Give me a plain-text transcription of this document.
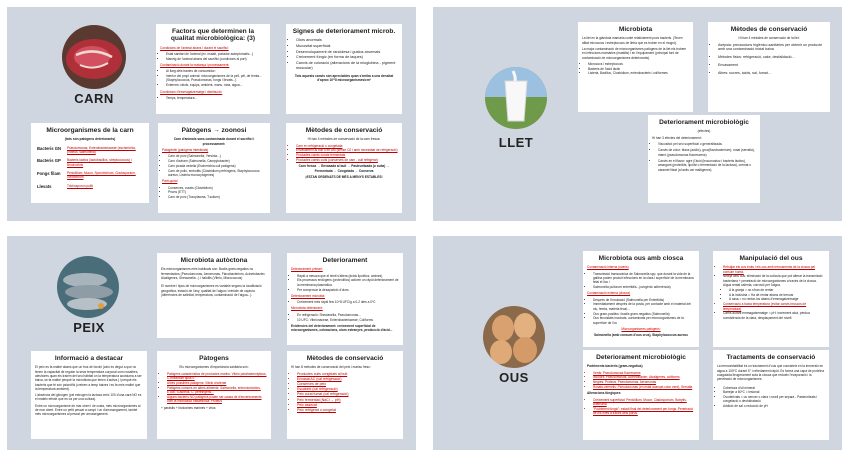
CARN
Factors que determinen la qualitat microbiològica: (3)

Condicions de l'animal abans i durant el sacrifici:

• Estat sanitari de l'animal (ex. malalt, portador asimptomàtic...)
• Maneig de l'animal abans del sacrifici (condicions al port)

Contaminació durant la matança i processament:

• Al llarg dels tractes de consumidor:
• Interior del propi animal: microorganismes de la pell, pèl, de femta... (Staphylococcus, Pseudomonas, fongs i llevats...)
• Externes: ràtols, equips, ambient, mans, roba, aigua...

Condicions d'emmagatzematge i distribució:

• Temps, temperatura...
Signes de deteriorament microb.
• Olors anormals
• Mucositat superficial
• Desenvolupament de rancidesa i gustos anormals
• Creixement fúngic (en forma de taques)
• Canvis de coloració (alteracions de la mioglobina - pigment muscular)

Tots aquests canvis són apreciables quan s'arriba a una densitat d'aprox 10^8 microorganismes/cm²

Microorganismes de la carn
(tots són patògens deteriorants)
Bacteris GN	Pseudomonas, Enterobacteriaceae (escherichia, proteus, salmonella)
Bacteris GP	Bacteris làctics (lactobacillus, streptococcus) i Brochothrix
Fongs filam	Penicillium, Mucor, Sporotrichum, Cladosporium, Geotrichum
Llevats	Trichosporon pullit
Pàtogens → zoonosi

Carn d'animals sans contaminada durant el sacrifici i processament:

Patogèntic (patògens intestinals)

• Carn de porc (Salmonella, Yersinia...)
• Carn d'aviram (Salmonella, Campylobacter)
• Carn picada vedella (Escherichia coli patògena)
• Carn de pollo, embotits (Clostridium perfringens, Staphylococcus aureus, Listeria monocytogenes)

Parti-quiral

• Conserves, curats (Clostridium)
• Prions (ETT)
• Carn de porc (Toxoplasma, T.solium)
Mètodes de conservació

Hi han 4 mètodes de conservació de la carn fresca:

• Carn en refrigeració o congelada
• Envasament al buit o en AM (sense O2 i amb necessitat de refrigeració)
• Productes carnis curats fermentats
• Productes carnis cuits (conserves de carn - cuit refrigerar)

Carn fresca → Envasada al buit → Pasteuritzada (o cuita) → Fermentada → Congelada → Conserva

¡ESTAN ORDENATS DE MÉS A MENYS ESTABLES!

LLET
Microbiota

La llet en la glàndula mamària conté relativament pocs bacteris. (Tenen afitat micrococs i estreptococs de lletra que es troben en el mugró).

La major contaminació de microorganismes patògens de la llet els trobem en infeccions mamàries (mastitis) i en l'equipament (principal font de contaminació de microorganismes deteriorants).

• Micrococs i estreptococs
• Bacteris de l'àcid làctic
• Listeria, Bacillus, Clostridium, enterobacteris i coliformes
Mètodes de conservació

Hi han 4 mètodes de conservació de la llet:

• Asèpsia: precaucions higiènico-sanitàries per obtenir un producte amb una contaminació inicial baixa
• Mètodes físics: refrigeració, calor, desfalidació...
• Envasament
• Altres: sucres, àcids, sal, fumat...
Deteriorament microbiològic
(efectes)

Hi han 3 efectes del deteriorament:

• Viscositat: pel seu superficial o generalitzada.
• Canvis de color: blaus (acidic), groc(flavobacterium), rosat (serratia), marró (pseudomonas fluorescens)
• Canvis en el flavor: agre (l'àcid (leuconostoc i bacteris làctics), amargant (proteòlits, lipòlisi o fermentació de la lactosa), cremat o caramel·litzat (a lactis var maltigenes)
PEIX
Microbiota autòctona

Els microorganismes més habituals són: Bacils gram-negatius no fermentadors (Pseudomonas, Aeromonas, Flavobacterium, Acinetobacter, Alcaligenes, Shewanella...) i halòfils (Vibrio, Micrococcus)

El nombre i tipus de microorganismes es variable segons la localització geogràfica, estació de l'any, qualitat de l'aigua i mètode de captura (diferències de salinitat, temperatura, contaminació de l'aigua...).

Deteriorament

Deteriorament primari:

• Ràpid a mesura que el teixit s'altera (àcids lipolítics, amines)
• Els processos endògens (proteolítics) activen un ràpid deteriorament de la membrana plasmàtica
• Per comprovar la desaparició d'olors

Deteriorament microbià:

• Creixement més ràpid fins 10^8 UFC/g a 0-2 dies a 0ºC

Microbiota deteriorant:

• En refrigeració: Shewanella, Pseudomonas...
• 10 UFC: Vibrionaceae, Enterobacteriaceae, Coliforms

Evidències del deteriorament: creixement superficial de microorganismes, coloracions, olors estranyes, producció d'àcid...

Informació a destacar

El peix es fa malbé abans que un tros de bovini (això es degut a que no tenen la capacitat de regular la seva temperatura corporal com nosaltres, aleshores quan els traiem del seu hàbitat on la temperatura acostuma a ser baixa, se fa malbé perquè la microbiota que tenen s'activa.) i perquè els bacteris que té són psicròfils (creixen a temp baixes i es fa més malbé que la temperatura ambient).

L'absència del glicogen (pel estrogen la lactosa creix 100 d'una cara NO es el mateix efecte que es va per una cultura).

Entre un microorganisme de mar obert i de costa, més microorganismes al de mar obert. Entre un petit pescat a canyó i un d'arrossegament, també més microorganismes al pescat per arrossegament.

Pàtogens

Els microorganismes d'importància sanitària són:

• Patògens característics de productes marins: Vibrio parahaemolyticus, C.botulinum tipus E
• Altres possibles patògens: Vibrio cholerae
• Patògens comuns en altres aliments: Salmonella, enterotoxicòtics, E.coli, S.aureus, C. perfringens...
• Alguns bacteris NO patògens poden ser causa de d'enverinaments com la intoxicació histamínica: Proteus

+ paràsits + biotoxines marines + virus

Mètodes de conservació

Hi han 8 mètodes de conservació del peix i marisc fresc:

• Productes cuits congelats al buit
• Envasat AC (cal refrigeració)
• Conserves de peix
• Escabetx (cal refrigeració)
• Peix curat fumat (cal refrigeració)
• Peix fermentat (NaCl → pH)
• Peix assecat
• Peix refrigerat o congelat
OUS
Microbiota ous amb closca

Contaminació interna (ovaris)

• Transmissió transovàrica de Salmonella spp. que durant la vida de la gallina poden produir infeccions en la clara i superfície de la membrana fetal el lloc i
• Salmonella pullorum enteritidis...(ovogènic adherència)

Contaminació externa (closca)

• Després de l'incubació (Salmonella per Enteritidis)
• Immediatament després de la posta, per contacte amb el material del niu, femta, matèria fecal...
• Ous gram-positius i bacils gram-negatius (Salmonella)
• Ous fecundats incubats, contaminats per microorganismes de la superfície de l'ou

Microorganismes patògens:

Salmonella (amb consum d'ous crus), Staphylococcus aureus

Manipulació del ous
• Rebutjar els ous bruts i els ous amb trencaments de la closca pel consum humà.
• Neteja dels ous: eliminació de la cutícula que pot alterar la transmissió bacteriana + penetració de microorganismes a través de la closca. Aigua rentat calenta, corrosió per l'aigua.
• A la granja = no s'han de rentar
• A la indústria = Ha de rentar abans de trencar
• A casa = no rentar-los abans d'emmagatzematge
• Conservació a baixa temperatura (evitar canvis bruscos de temperatura)
• Carns durant emmagatzematge = pH: increment alcà, pèrdua consistència de la clara, desplaçament del rovell.
Deteriorament microbiològic

Podriments bacteris (gram-negatius)

• Verds: Pseudomonas fluorescens
• Incolors: Pseudomonas, Acinetobacter, Alcaligenes, coliforms
• Negres: Proteus, Pseudomonas, Aeromonas
• Rosats-vermells: Pseudomonas (en estat avançat color verd), Serratia

Alteracions fúngiques

• Creixement superficial: Penicillium, Mucor, Cladosporium, Botrytis, Alternaria
• "Podriment fúngic": estadi final del deteriorament per fongs. Penetració de les hifes a través dels porus.
Tractaments de conservació

La termoestabilitat és un tractament d'ous que consisteix en la immersió en aigua a 100ºC durant 5'' i refredament ràpid. Es forma una capa de proteïna coagulada lleugerament sota la closca que redueix l'evaporació i la penetració de microorganismes.

• Cobertura d'oli mineral
• Barrejar a 60ºC = lesional
• Ovoderivats = ou sencer o clara i rovell per separa - Pasteuritzats i congelació o deshidratació
• Addició de sal o reducció de pH
